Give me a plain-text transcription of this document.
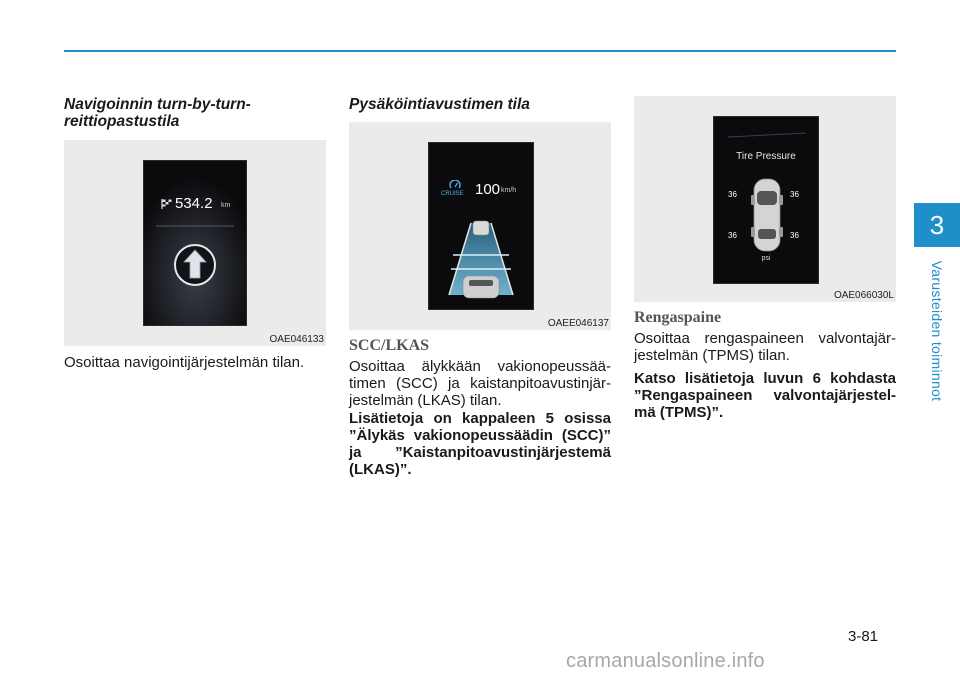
3
Varusteiden toiminnot
Navigoinnin turn-by-turn-reittiopastustila
534.2 km
OAE046133
Osoittaa navigointijärjestelmän tilan.
Pysäköintiavustimen tila
CRUISE 100 km/h
OAEE046137
SCC/LKAS
Osoittaa älykkään vakionopeussää-timen (SCC) ja kaistanpitoavustinjär-jestelmän (LKAS) tilan.
Lisätietoja on kappaleen 5 osissa ”Älykäs vakionopeussäädin (SCC)” ja ”Kaistanpitoavustinjärjestemä (LKAS)”.
Tire Pressure
36	36
36	36
psi
OAE066030L
Rengaspaine
Osoittaa rengaspaineen valvontajär-jestelmän (TPMS) tilan.
Katso lisätietoja luvun 6 kohdasta ”Rengaspaineen valvontajärjestel-mä (TPMS)”.
3-81
carmanualsonline.info
